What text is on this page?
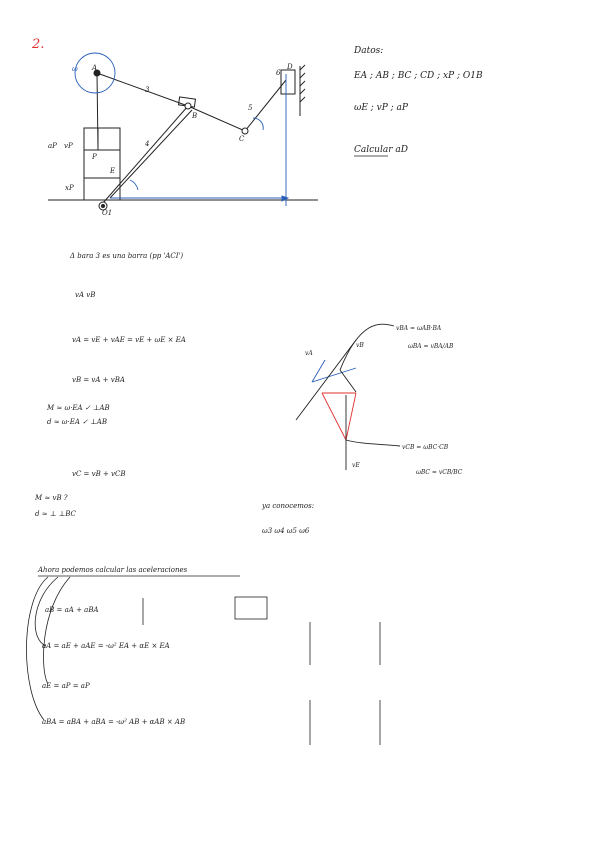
2.
A
B
C
D
E
O1
P
3
4
5
6
ω
aP vP
xP
Datos:
EA ; AB ; BC ; CD ; xP ; O1B
ωE ; vP ; aP
Calcular aD
Δ bara 3 es una barra (pp 'ACI')
vA vB
vA = vE + vAE = vE + ωE × EA
vB = vA + vBA
M ≈ ω·EA ✓ ⊥AB
d ≈ ω·EA ✓ ⊥AB
vC = vB + vCB
M ≈ vB ?
d ≈ ⊥ ⊥BC
ya conocemos:
ω3 ω4 ω5 ω6
vBA = ωAB·BA
ωBA = vBA/AB
vA
vB
vE
vCB = ωBC·CB
ωBC = vCB/BC
Ahora podemos calcular las aceleraciones
aB = aA + aBA
aA = aE + aAE = -ω² EA + αE × EA
aE = aP = aP
aBA = aBA + aBA = -ω² AB + αAB × AB
